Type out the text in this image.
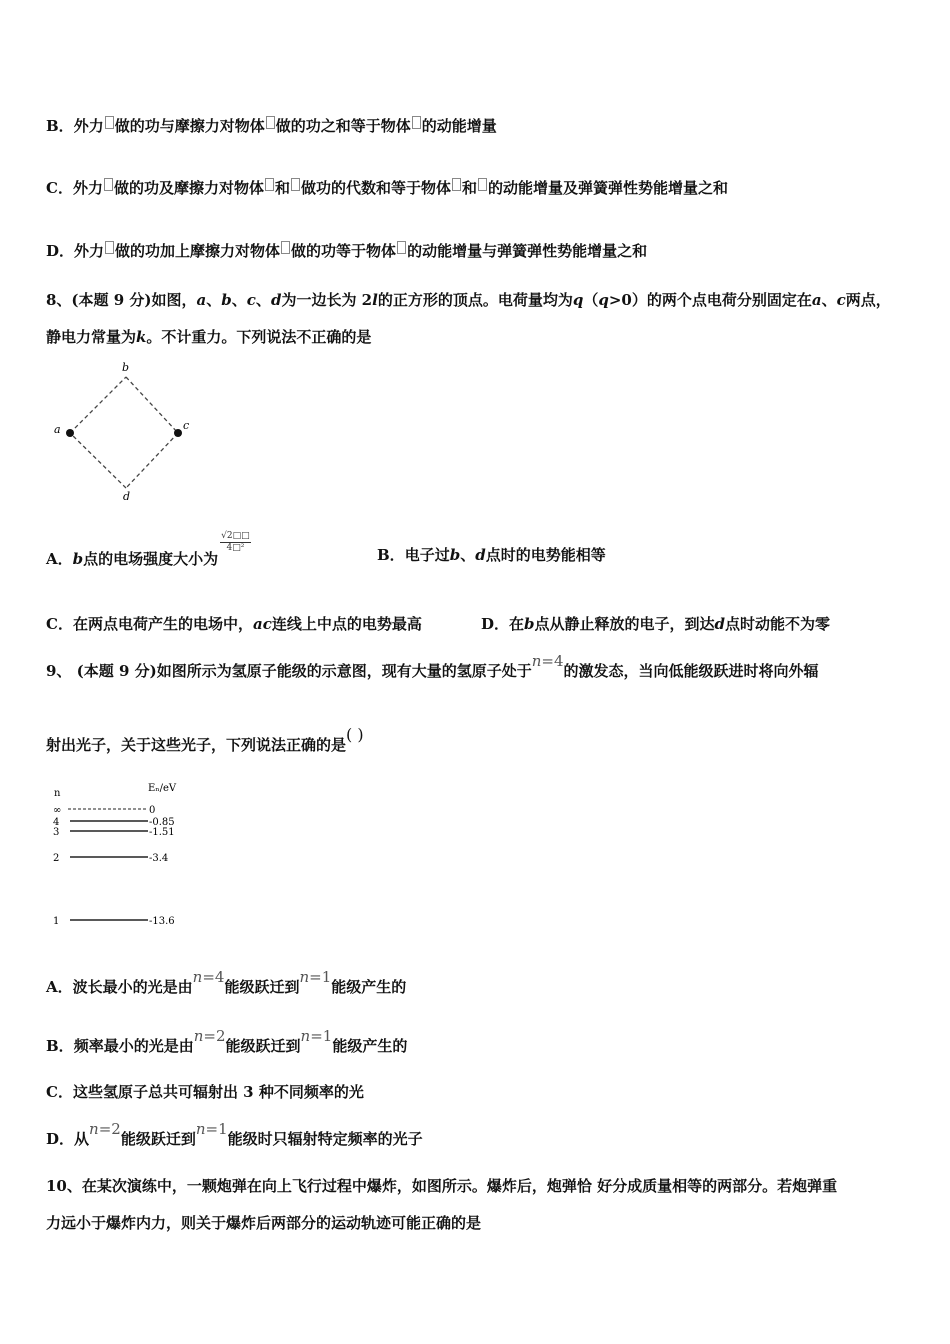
B．外力 做的功与摩擦力对物体 做的功之和等于物体 的动能增量
C．外力 做的功及摩擦力对物体 和 做功的代数和等于物体 和 的动能增量及弹簧弹性势能增量之和
D．外力 做的功加上摩擦力对物体 做的功等于物体 的动能增量与弹簧弹性势能增量之和
8、(本题 9 分)如图，a、b、c、d为一边长为 2l的正方形的顶点。电荷量均为q（q>0）的两个点电荷分别固定在a、c两点，
静电力常量为k。不计重力。下列说法不正确的是
a
b
c
d
A．b点的电场强度大小为
$\frac{√2□□}{\text{4□²}}$
B．电子过b、d点时的电势能相等
C．在两点电荷产生的电场中，ac连线上中点的电势最高	D．在b点从静止释放的电子，到达d点时动能不为零
9、 (本题 9 分)如图所示为氢原子能级的示意图，现有大量的氢原子处于n=4的激发态，当向低能级跃进时将向外辐
射出光子，关于这些光子，下列说法正确的是( )
n	Eₙ/eV
∞	0
4	-0.85
3	-1.51
2	-3.4
1	-13.6
A．波长最小的光是由n=4能级跃迁到n=1能级产生的
B．频率最小的光是由n=2能级跃迁到n=1能级产生的
C．这些氢原子总共可辐射出 3 种不同频率的光
D．从n=2能级跃迁到n=1能级时只辐射特定频率的光子
10、在某次演练中，一颗炮弹在向上飞行过程中爆炸，如图所示。爆炸后，炮弹恰 好分成质量相等的两部分。若炮弹重
力远小于爆炸内力，则关于爆炸后两部分的运动轨迹可能正确的是
